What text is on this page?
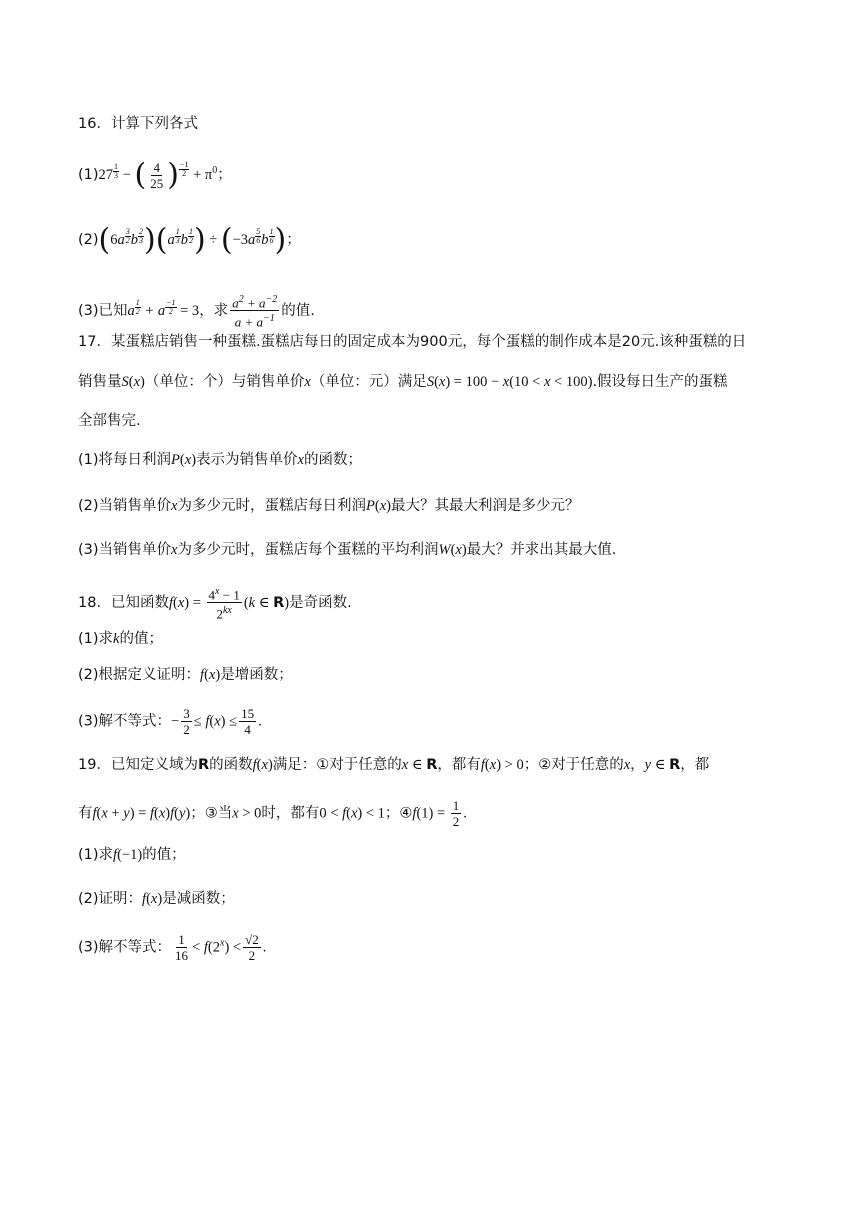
16．计算下列各式
$(1)27 \frac{1}{3}$ − ( $\frac{4}{25}$ ) $\frac{-1}{2} + \pi^0$；
$(2)(6a \frac{3}{2}$ b $\frac{2}{3} )(a \frac{1}{3}$ b $\frac{1}{2}$ ) ÷ ($-3a \frac{5}{6}$ b $\frac{1}{6}$ )；
(3)已知a $\frac{1}{2} + a \frac{-1}{2} = 3$，求 $\frac{a^2 + a^{-2}}{a + a^{-1}}$ 的值.
17．某蛋糕店销售一种蛋糕.蛋糕店每日的固定成本为900元，每个蛋糕的制作成本是20元.该种蛋糕的日
销售量S(x)（单位：个）与销售单价x（单位：元）满足S(x) = 100 − x(10 < x < 100).假设每日生产的蛋糕
全部售完.
(1)将每日利润P(x)表示为销售单价x的函数；
(2)当销售单价x为多少元时，蛋糕店每日利润P(x)最大？其最大利润是多少元？
(3)当销售单价x为多少元时，蛋糕店每个蛋糕的平均利润W(x)最大？并求出其最大值.
18．已知函数$f(x) = \frac{4^x - 1}{2^{kx}} (k$ ∈ R)是奇函数.
(1)求k的值；
(2)根据定义证明：f(x)是增函数；
(3)解不等式：− $\frac{3}{2} \le f(x) \le \frac{15}{4}$ .
19．已知定义域为R的函数f(x)满足：①对于任意的x ∈ R，都有f(x) > 0；②对于任意的x，y ∈ R，都
有f(x + y) = f(x)f(y)；③当x > 0时，都有0 < f(x) < 1；④f(1) = $\frac{1}{2}$ .
(1)求f(−1)的值；
(2)证明：f(x)是减函数；
(3)解不等式： $\frac{1}{16} < f(2^x) < \frac{√2}{2}$ .
